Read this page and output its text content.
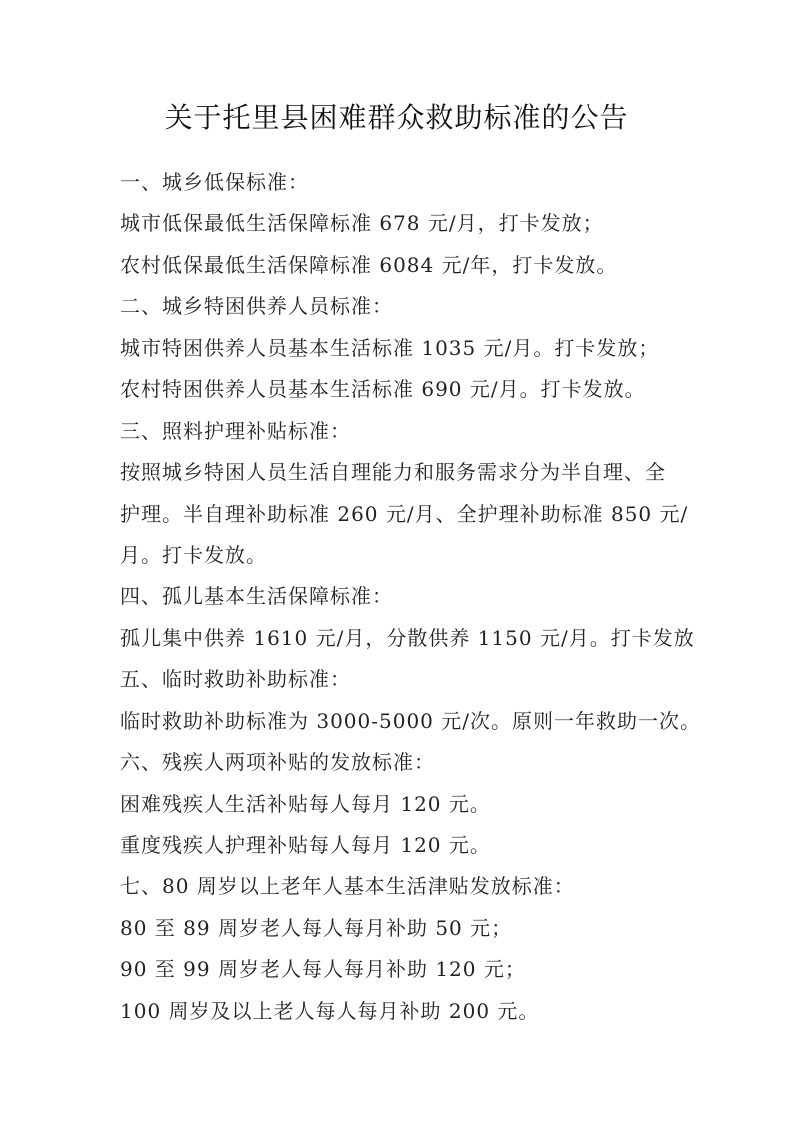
关于托里县困难群众救助标准的公告
一、城乡低保标准：
城市低保最低生活保障标准 678 元/月，打卡发放；
农村低保最低生活保障标准 6084 元/年，打卡发放。
二、城乡特困供养人员标准：
城市特困供养人员基本生活标准 1035 元/月。打卡发放；
农村特困供养人员基本生活标准 690 元/月。打卡发放。
三、照料护理补贴标准：
按照城乡特困人员生活自理能力和服务需求分为半自理、全
护理。半自理补助标准 260 元/月、全护理补助标准 850 元/
月。打卡发放。
四、孤儿基本生活保障标准：
孤儿集中供养 1610 元/月，分散供养 1150 元/月。打卡发放
五、临时救助补助标准：
临时救助补助标准为 3000-5000 元/次。原则一年救助一次。
六、残疾人两项补贴的发放标准：
困难残疾人生活补贴每人每月 120 元。
重度残疾人护理补贴每人每月 120 元。
七、80 周岁以上老年人基本生活津贴发放标准：
80 至 89 周岁老人每人每月补助 50 元；
90 至 99 周岁老人每人每月补助 120 元；
100 周岁及以上老人每人每月补助 200 元。
